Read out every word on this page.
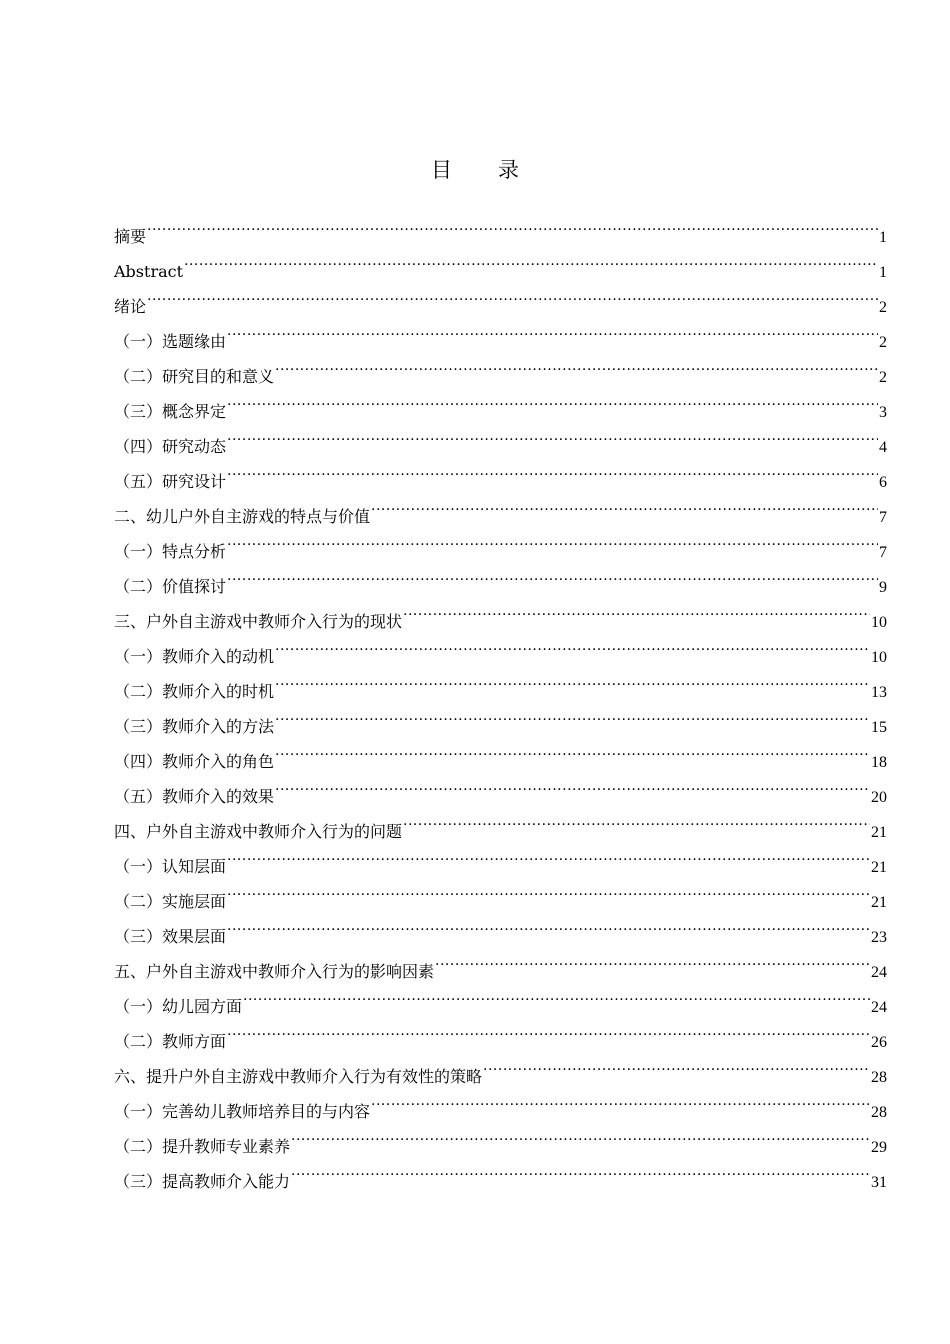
目 录
摘要 .....	1
Abstract .....	1
绪论 .....	2
（一）选题缘由 .....	2
（二）研究目的和意义 .....	2
（三）概念界定 .....	3
（四）研究动态 .....	4
（五）研究设计 .....	6
二、幼儿户外自主游戏的特点与价值 .....	7
（一）特点分析 .....	7
（二）价值探讨 .....	9
三、户外自主游戏中教师介入行为的现状 .....	10
（一）教师介入的动机 .....	10
（二）教师介入的时机 .....	13
（三）教师介入的方法 .....	15
（四）教师介入的角色 .....	18
（五）教师介入的效果 .....	20
四、户外自主游戏中教师介入行为的问题 .....	21
（一）认知层面 .....	21
（二）实施层面 .....	21
（三）效果层面 .....	23
五、户外自主游戏中教师介入行为的影响因素 .....	24
（一）幼儿园方面 .....	24
（二）教师方面 .....	26
六、提升户外自主游戏中教师介入行为有效性的策略 .....	28
（一）完善幼儿教师培养目的与内容 .....	28
（二）提升教师专业素养 .....	29
（三）提高教师介入能力 .....	31
